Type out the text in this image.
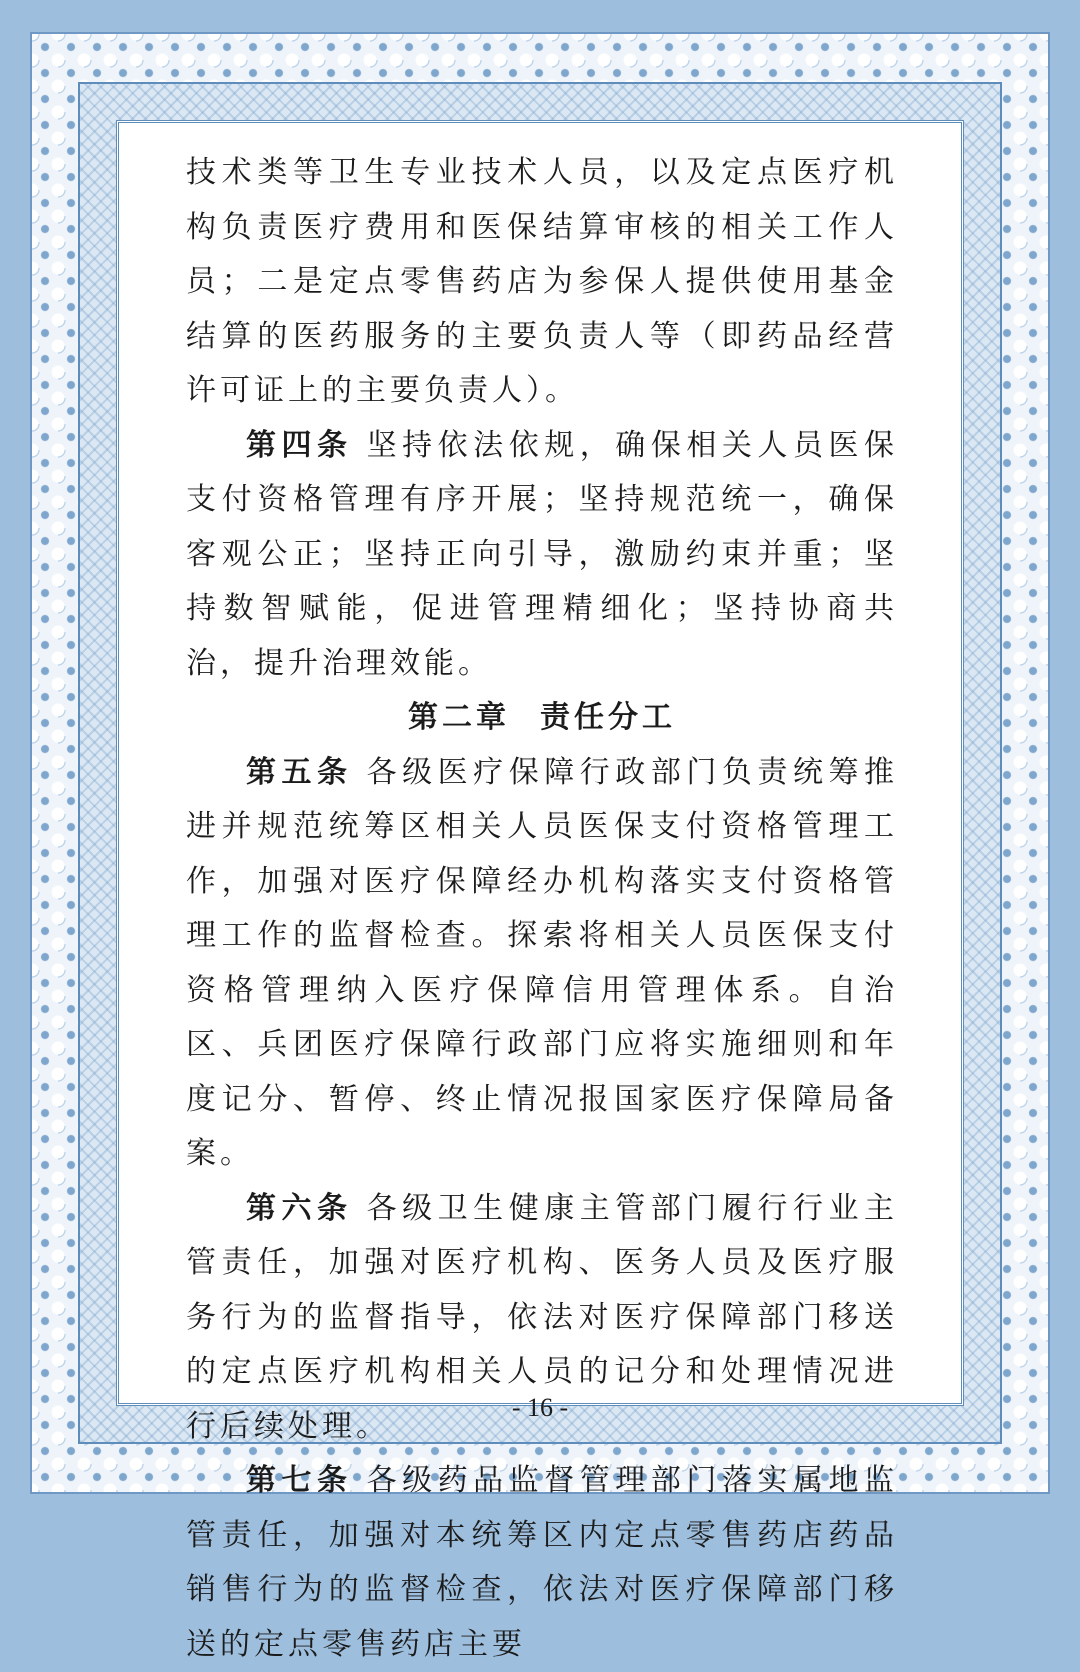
技术类等卫生专业技术人员，以及定点医疗机构负责医疗费用和医保结算审核的相关工作人员；二是定点零售药店为参保人提供使用基金结算的医药服务的主要负责人等（即药品经营许可证上的主要负责人）。

第四条 坚持依法依规，确保相关人员医保支付资格管理有序开展；坚持规范统一，确保客观公正；坚持正向引导，激励约束并重；坚持数智赋能，促进管理精细化；坚持协商共治，提升治理效能。

第二章 责任分工

第五条 各级医疗保障行政部门负责统筹推进并规范统筹区相关人员医保支付资格管理工作，加强对医疗保障经办机构落实支付资格管理工作的监督检查。探索将相关人员医保支付资格管理纳入医疗保障信用管理体系。自治区、兵团医疗保障行政部门应将实施细则和年度记分、暂停、终止情况报国家医疗保障局备案。

第六条 各级卫生健康主管部门履行行业主管责任，加强对医疗机构、医务人员及医疗服务行为的监督指导，依法对医疗保障部门移送的定点医疗机构相关人员的记分和处理情况进行后续处理。

第七条 各级药品监督管理部门落实属地监管责任，加强对本统筹区内定点零售药店药品销售行为的监督检查，依法对医疗保障部门移送的定点零售药店主要

- 16 -
